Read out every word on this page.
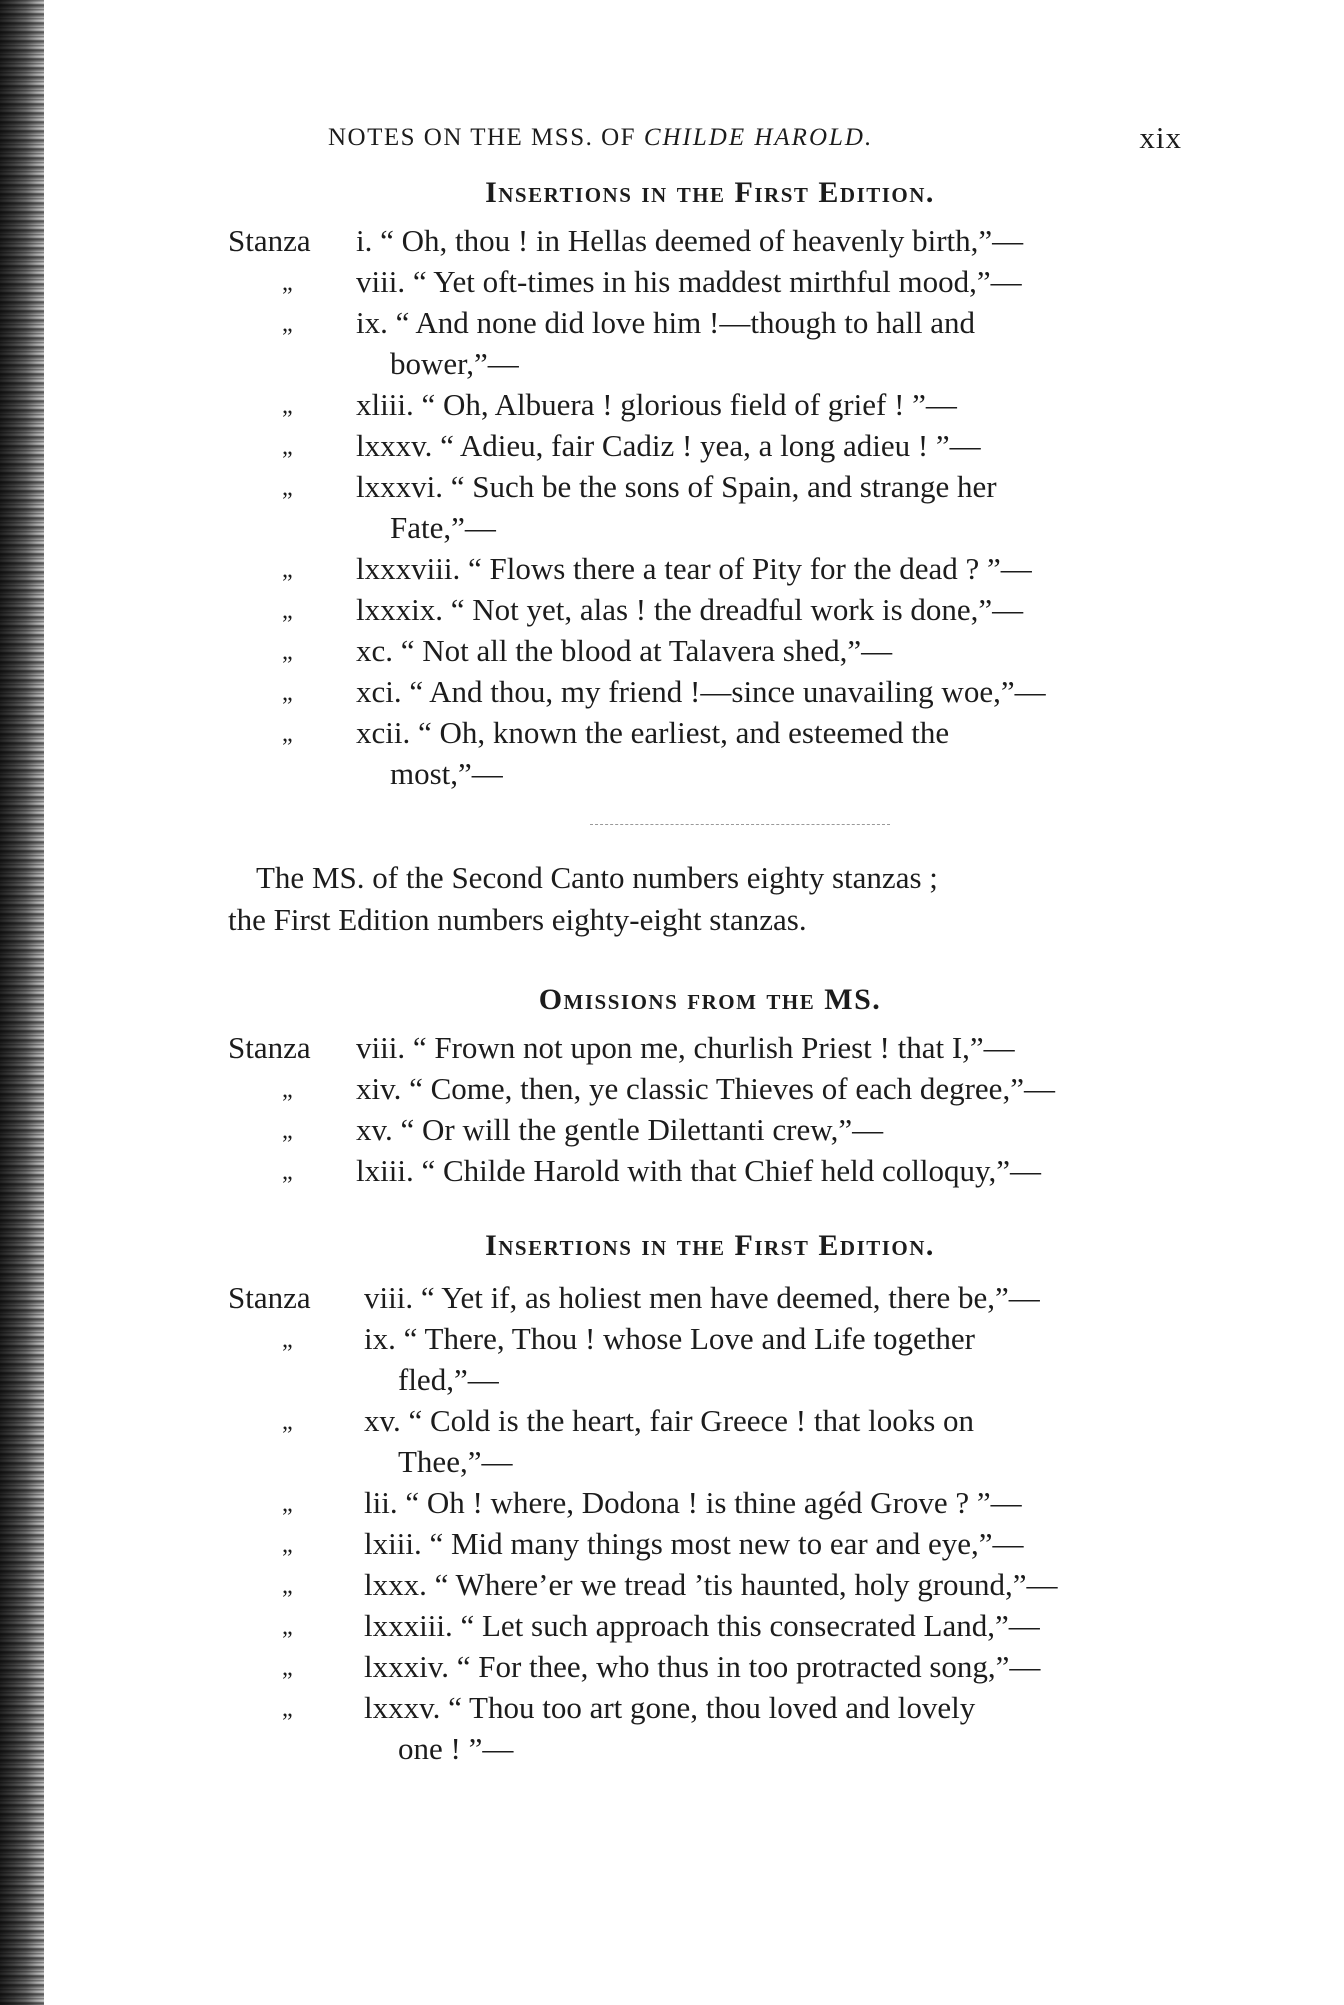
NOTES ON THE MSS. OF CHILDE HAROLD.	xix
Insertions in the First Edition.
Stanza i. “ Oh, thou ! in Hellas deemed of heavenly birth,”—
„ viii. “ Yet oft-times in his maddest mirthful mood,”—
„ ix. “ And none did love him !—though to hall and
bower,”—
„ xliii. “ Oh, Albuera ! glorious field of grief ! ”—
„ lxxxv. “ Adieu, fair Cadiz ! yea, a long adieu ! ”—
„ lxxxvi. “ Such be the sons of Spain, and strange her
Fate,”—
„ lxxxviii. “ Flows there a tear of Pity for the dead ? ”—
„ lxxxix. “ Not yet, alas ! the dreadful work is done,”—
„ xc. “ Not all the blood at Talavera shed,”—
„ xci. “ And thou, my friend !—since unavailing woe,”—
„ xcii. “ Oh, known the earliest, and esteemed the
most,”—

The MS. of the Second Canto numbers eighty stanzas ;
the First Edition numbers eighty-eight stanzas.

Omissions from the MS.
Stanza viii. “ Frown not upon me, churlish Priest ! that I,”—
„ xiv. “ Come, then, ye classic Thieves of each degree,”—
„ xv. “ Or will the gentle Dilettanti crew,”—
„ lxiii. “ Childe Harold with that Chief held colloquy,”—
Insertions in the First Edition.
Stanza viii. “ Yet if, as holiest men have deemed, there be,”—
„ ix. “ There, Thou ! whose Love and Life together
fled,”—
„ xv. “ Cold is the heart, fair Greece ! that looks on
Thee,”—
„ lii. “ Oh ! where, Dodona ! is thine agéd Grove ? ”—
„ lxiii. “ Mid many things most new to ear and eye,”—
„ lxxx. “ Where’er we tread ’tis haunted, holy ground,”—
„ lxxxiii. “ Let such approach this consecrated Land,”—
„ lxxxiv. “ For thee, who thus in too protracted song,”—
„ lxxxv. “ Thou too art gone, thou loved and lovely
one ! ”—
